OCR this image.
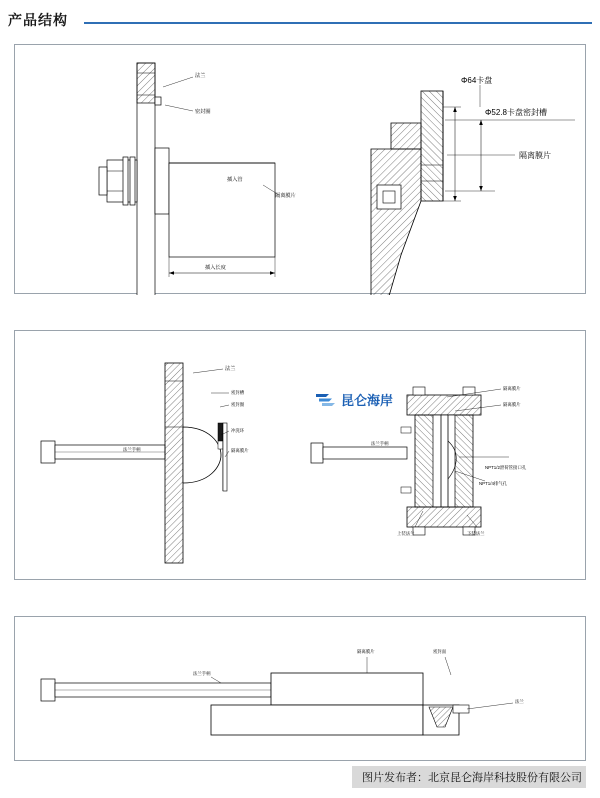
产品结构
法兰
密封圈
插入管
隔离膜片
插入长度
Φ64卡盘
Φ52.8卡盘密封槽
隔离膜片
法兰
密封槽
密封圈
冲洗环
隔离膜片
法兰手柄
法兰手柄
隔离膜片
隔离膜片
NPT1/2泄荷管接口孔
NPT1/4排气孔
上装法兰	下装法兰
昆仑海岸
法兰手柄
隔离膜片	密封面
法兰
图片发布者：北京昆仑海岸科技股份有限公司
